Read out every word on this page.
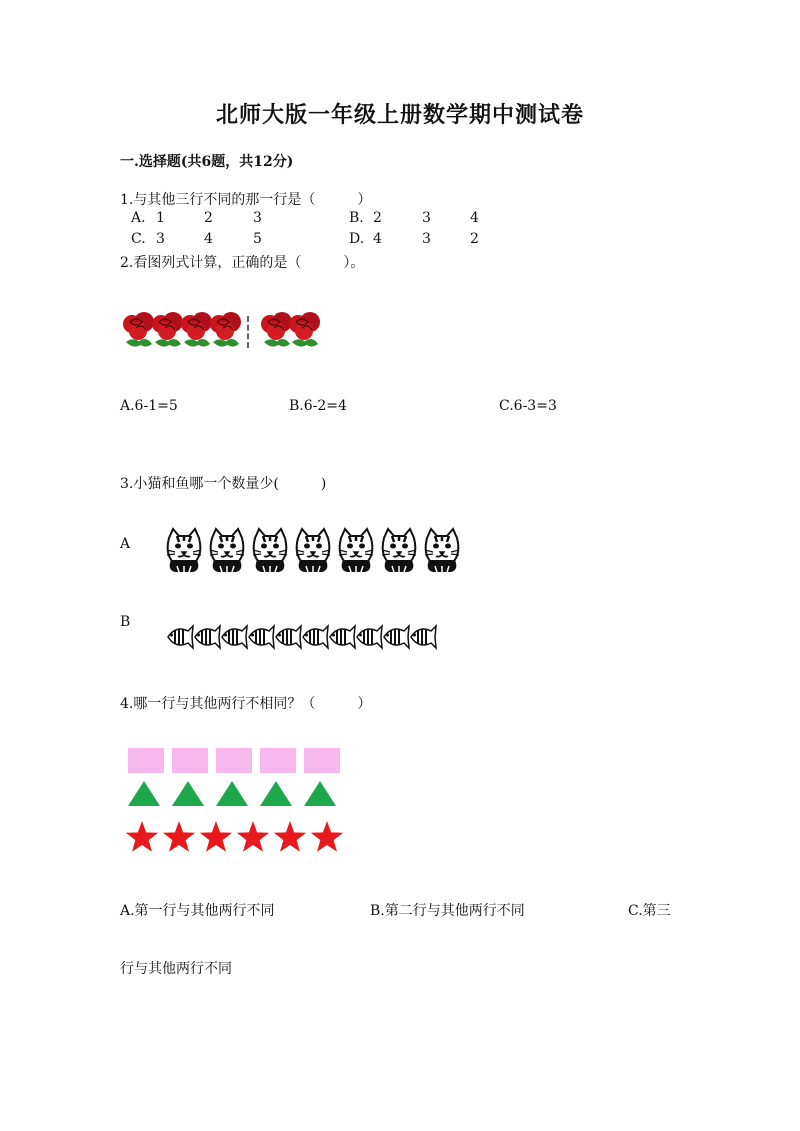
北师大版一年级上册数学期中测试卷
一.选择题(共6题，共12分)
1.与其他三行不同的那一行是（　　　）
A. 1	2	3	B. 2	3	4
C. 3	4	5	D. 4	3	2
2.看图列式计算，正确的是（　　　）。
A.6-1=5	B.6-2=4	C.6-3=3
3.小猫和鱼哪一个数量少(　　　)
A
B
4.哪一行与其他两行不相同？（　　　）
A.第一行与其他两行不同	B.第二行与其他两行不同	C.第三
行与其他两行不同
